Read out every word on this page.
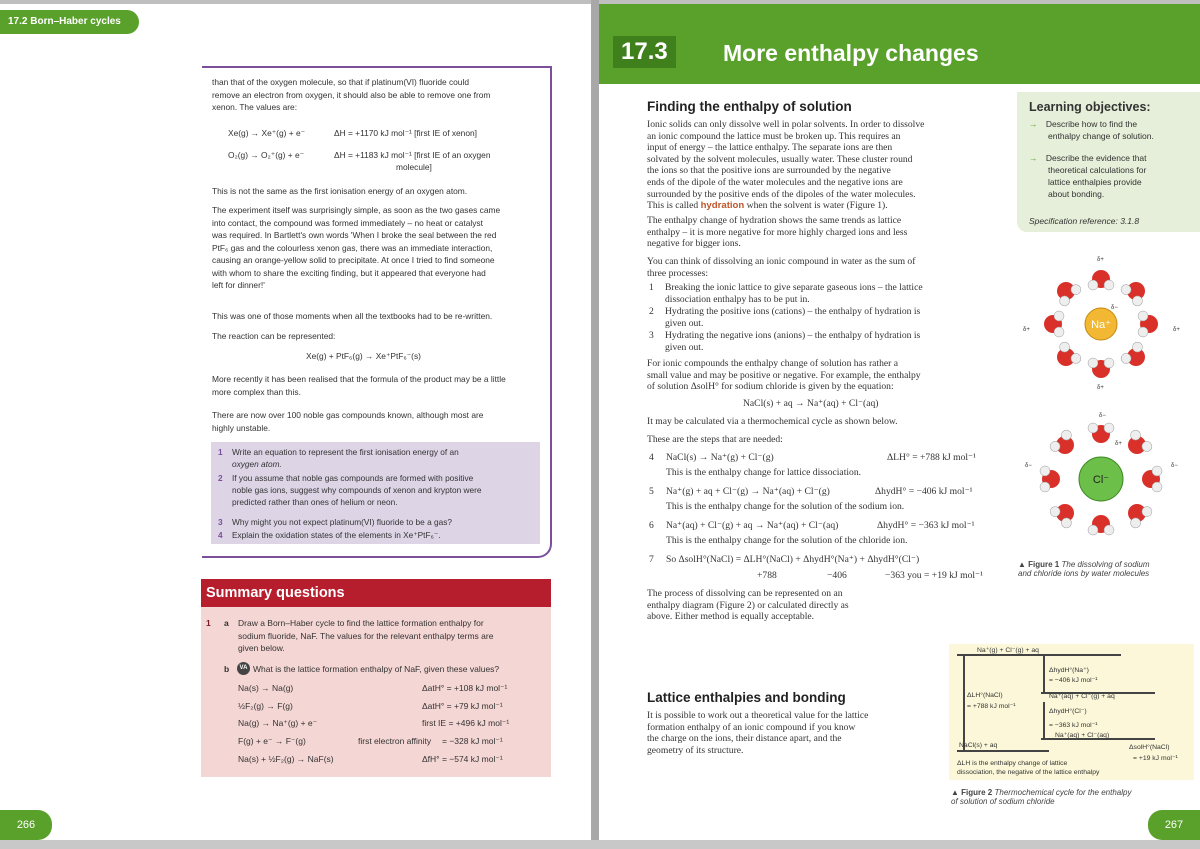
17.2 Born–Haber cycles
than that of the oxygen molecule, so that if platinum(VI) fluoride could
remove an electron from oxygen, it should also be able to remove one from
xenon. The values are:
Xe(g) → Xe⁺(g) + e⁻	ΔH = +1170 kJ mol⁻¹ [first IE of xenon]
O₂(g) → O₂⁺(g) + e⁻	ΔH = +1183 kJ mol⁻¹ [first IE of an oxygen
molecule]
This is not the same as the first ionisation energy of an oxygen atom.
The experiment itself was surprisingly simple, as soon as the two gases came
into contact, the compound was formed immediately – no heat or catalyst
was required. In Bartlett's own words 'When I broke the seal between the red
PtF₆ gas and the colourless xenon gas, there was an immediate interaction,
causing an orange-yellow solid to precipitate. At once I tried to find someone
with whom to share the exciting finding, but it appeared that everyone had
left for dinner!'
This was one of those moments when all the textbooks had to be re-written.
The reaction can be represented:
Xe(g) + PtF₆(g) → Xe⁺PtF₆⁻(s)
More recently it has been realised that the formula of the product may be a little
more complex than this.
There are now over 100 noble gas compounds known, although most are
highly unstable.
1 Write an equation to represent the first ionisation energy of an
oxygen atom.
2 If you assume that noble gas compounds are formed with positive
noble gas ions, suggest why compounds of xenon and krypton were
predicted rather than ones of helium or neon.
3 Why might you not expect platinum(VI) fluoride to be a gas?
4 Explain the oxidation states of the elements in Xe⁺PtF₆⁻.
Summary questions
1 a Draw a Born–Haber cycle to find the lattice formation enthalpy for
sodium fluoride, NaF. The values for the relevant enthalpy terms are
given below.
b	VA What is the lattice formation enthalpy of NaF, given these values?
Na(s) → Na(g)	ΔatH° = +108 kJ mol⁻¹
½F₂(g) → F(g)	ΔatH° = +79 kJ mol⁻¹
Na(g) → Na⁺(g) + e⁻	first IE = +496 kJ mol⁻¹
F(g) + e⁻ → F⁻(g)	first electron affinity = −328 kJ mol⁻¹
Na(s) + ½F₂(g) → NaF(s)	ΔfH° = −574 kJ mol⁻¹
266
17.3	More enthalpy changes
Finding the enthalpy of solution
Ionic solids can only dissolve well in polar solvents. In order to dissolve
an ionic compound the lattice must be broken up. This requires an
input of energy – the lattice enthalpy. The separate ions are then
solvated by the solvent molecules, usually water. These cluster round
the ions so that the positive ions are surrounded by the negative
ends of the dipole of the water molecules and the negative ions are
surrounded by the positive ends of the dipoles of the water molecules.
This is called hydration when the solvent is water (Figure 1).
The enthalpy change of hydration shows the same trends as lattice
enthalpy – it is more negative for more highly charged ions and less
negative for bigger ions.
You can think of dissolving an ionic compound in water as the sum of
three processes:
1 Breaking the ionic lattice to give separate gaseous ions – the lattice
dissociation enthalpy has to be put in.
2 Hydrating the positive ions (cations) – the enthalpy of hydration is
given out.
3 Hydrating the negative ions (anions) – the enthalpy of hydration is
given out.
For ionic compounds the enthalpy change of solution has rather a
small value and may be positive or negative. For example, the enthalpy
of solution ΔsolH° for sodium chloride is given by the equation:
NaCl(s) + aq → Na⁺(aq) + Cl⁻(aq)
It may be calculated via a thermochemical cycle as shown below.
These are the steps that are needed:
4 NaCl(s) → Na⁺(g) + Cl⁻(g)	ΔLH° = +788 kJ mol⁻¹
This is the enthalpy change for lattice dissociation.
5 Na⁺(g) + aq + Cl⁻(g) → Na⁺(aq) + Cl⁻(g)	ΔhydH° = −406 kJ mol⁻¹
This is the enthalpy change for the solution of the sodium ion.
6 Na⁺(aq) + Cl⁻(g) + aq → Na⁺(aq) + Cl⁻(aq)	ΔhydH° = −363 kJ mol⁻¹
This is the enthalpy change for the solution of the chloride ion.
7 So ΔsolH°(NaCl) = ΔLH°(NaCl) + ΔhydH°(Na⁺) + ΔhydH°(Cl⁻)
+788	−406	−363 you = +19 kJ mol⁻¹
The process of dissolving can be represented on an
enthalpy diagram (Figure 2) or calculated directly as
above. Either method is equally acceptable.
Lattice enthalpies and bonding
It is possible to work out a theoretical value for the lattice
formation enthalpy of an ionic compound if you know
the charge on the ions, their distance apart, and the
geometry of its structure.
Learning objectives:
→ Describe how to find the
enthalpy change of solution.
→ Describe the evidence that
theoretical calculations for
lattice enthalpies provide
about bonding.
Specification reference: 3.1.8
Na⁺
δ+
δ+	δ+
δ+
δ−
Cl⁻
δ−
δ+
δ−	δ−
▲ Figure 1 The dissolving of sodium
and chloride ions by water molecules
Na⁺(g) + Cl⁻(g) + aq
ΔLH°(NaCl)
= +788 kJ mol⁻¹
ΔhydH°(Na⁺)
= −406 kJ mol⁻¹
Na⁺(aq) + Cl⁻(g) + aq
ΔhydH°(Cl⁻)
= −363 kJ mol⁻¹
Na⁺(aq) + Cl⁻(aq)
NaCl(s) + aq	ΔsolH°(NaCl)
= +19 kJ mol⁻¹
ΔLH is the enthalpy change of lattice
dissociation, the negative of the lattice enthalpy
▲ Figure 2 Thermochemical cycle for the enthalpy
of solution of sodium chloride
267
